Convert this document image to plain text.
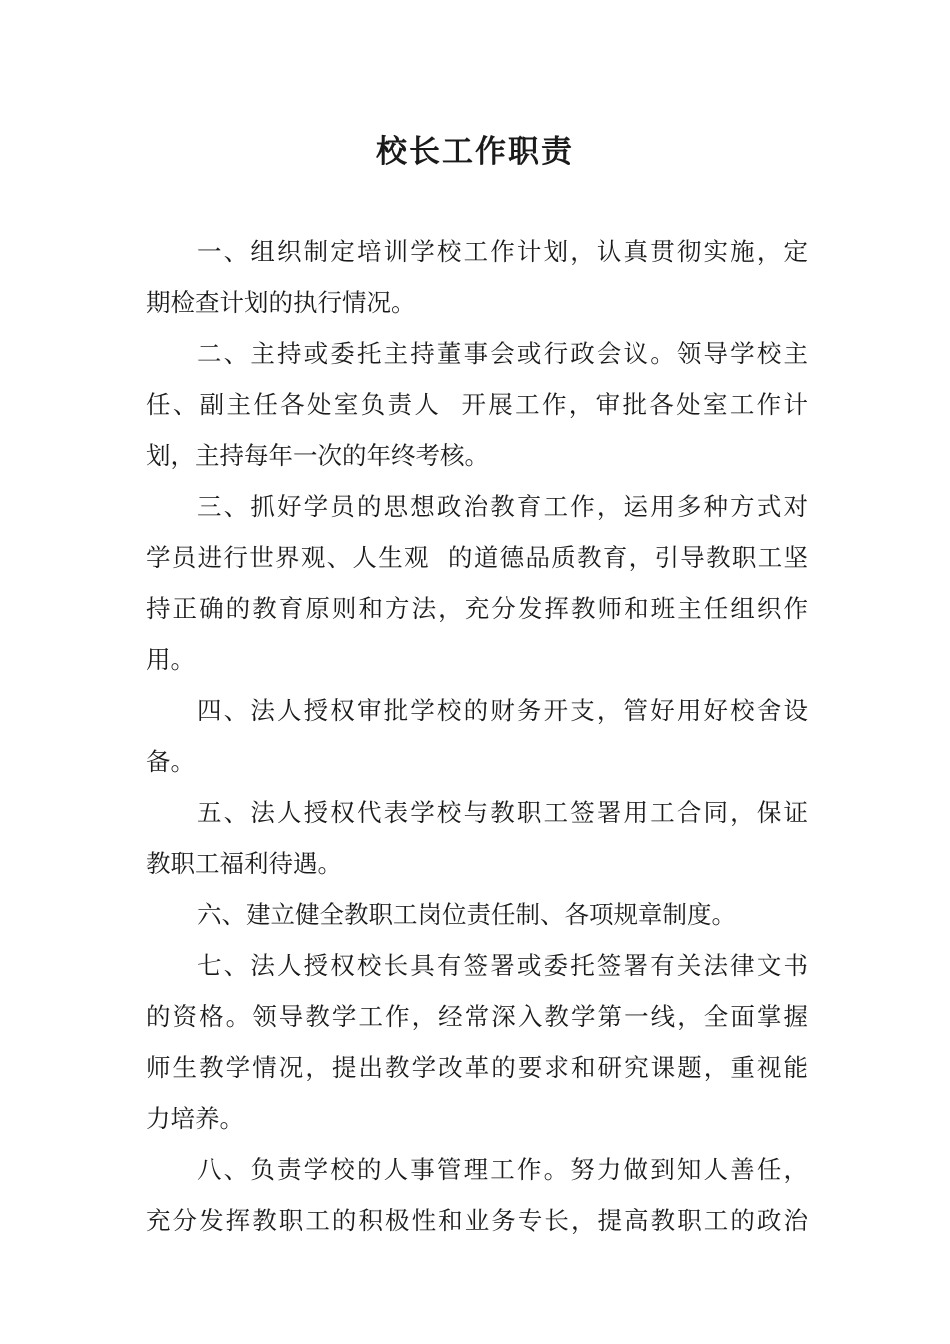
校长工作职责
一、组织制定培训学校工作计划，认真贯彻实施，定
期检查计划的执行情况。
二、主持或委托主持董事会或行政会议。领导学校主
任、副主任各处室负责人  开展工作，审批各处室工作计
划，主持每年一次的年终考核。
三、抓好学员的思想政治教育工作，运用多种方式对
学员进行世界观、人生观  的道德品质教育，引导教职工坚
持正确的教育原则和方法，充分发挥教师和班主任组织作
用。
四、法人授权审批学校的财务开支，管好用好校舍设
备。
五、法人授权代表学校与教职工签署用工合同，保证
教职工福利待遇。
六、建立健全教职工岗位责任制、各项规章制度。
七、法人授权校长具有签署或委托签署有关法律文书
的资格。领导教学工作，经常深入教学第一线，全面掌握
师生教学情况，提出教学改革的要求和研究课题，重视能
力培养。
八、负责学校的人事管理工作。努力做到知人善任，
充分发挥教职工的积极性和业务专长，提高教职工的政治
